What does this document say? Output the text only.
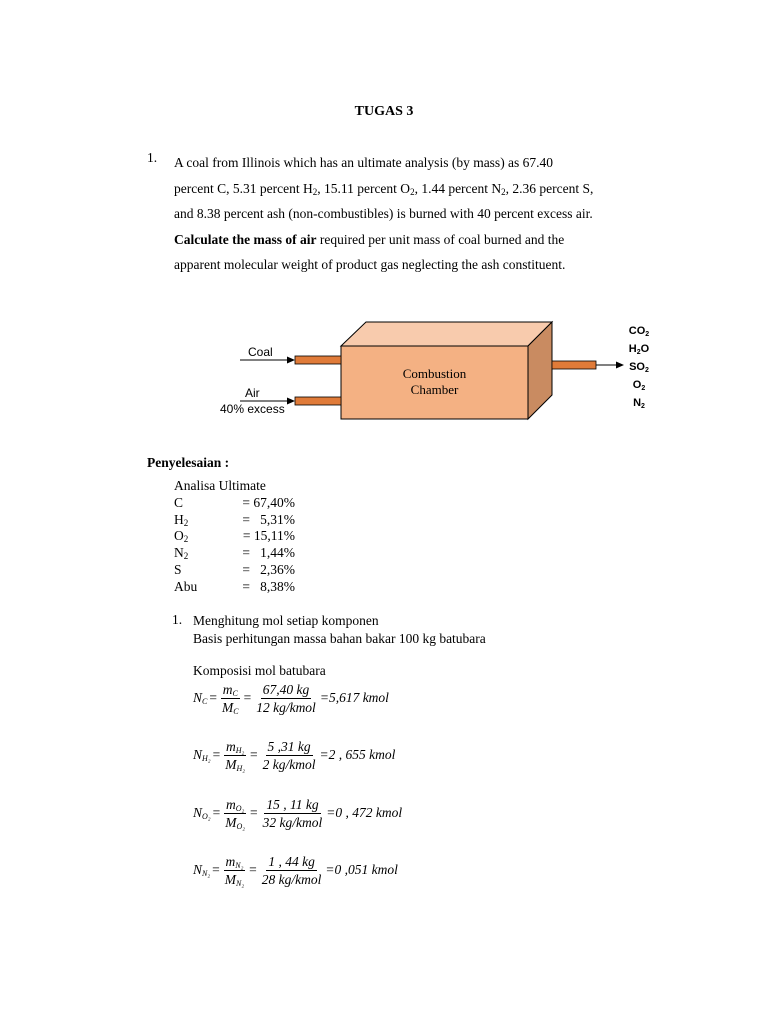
TUGAS 3
1. A coal from Illinois which has an ultimate analysis (by mass) as 67.40
percent C, 5.31 percent $H_2$, 15.11 percent $O_2$, 1.44 percent $N_2$, 2.36 percent S,
and 8.38 percent ash (non-combustibles) is burned with 40 percent excess air.
Calculate the mass of air required per unit mass of coal burned and the
apparent molecular weight of product gas neglecting the ash constituent.
Coal
Air
40% excess
Combustion
Chamber
$CO_2$
$H_2O$
$SO_2$
$O_2$
$N_2$
Penyelesaian :
Analisa Ultimate
C	= 67,40%
$H_2$	=   5,31%
$O_2$	= 15,11%
$N_2$	=   1,44%
S	=   2,36%
Abu	=   8,38%
1. Menghitung mol setiap komponen
Basis perhitungan massa bahan bakar 100 kg batubara
Komposisi mol batubara
$N_C = \frac{m_C}{M_C} = \frac{67,40 kg}{\text{12 kg/kmol}} =5,617$ kmol
$N_{H_2} = \frac{m_{H_2}}{M_{H_2}} = \frac{5 ,31 kg}{\text{2 kg/kmol}} =2$ , 655 kmol
$N_{O_2} = \frac{m_{O_2}}{M_{O_2}} = \frac{15 , 11 kg}{\text{32 kg/kmol}} =0$ , 472 kmol
$N_{N_2} = \frac{m_{N_2}}{M_{N_2}} = \frac{1 , 44 kg}{\text{28 kg/kmol}} =0$ ,051 kmol
